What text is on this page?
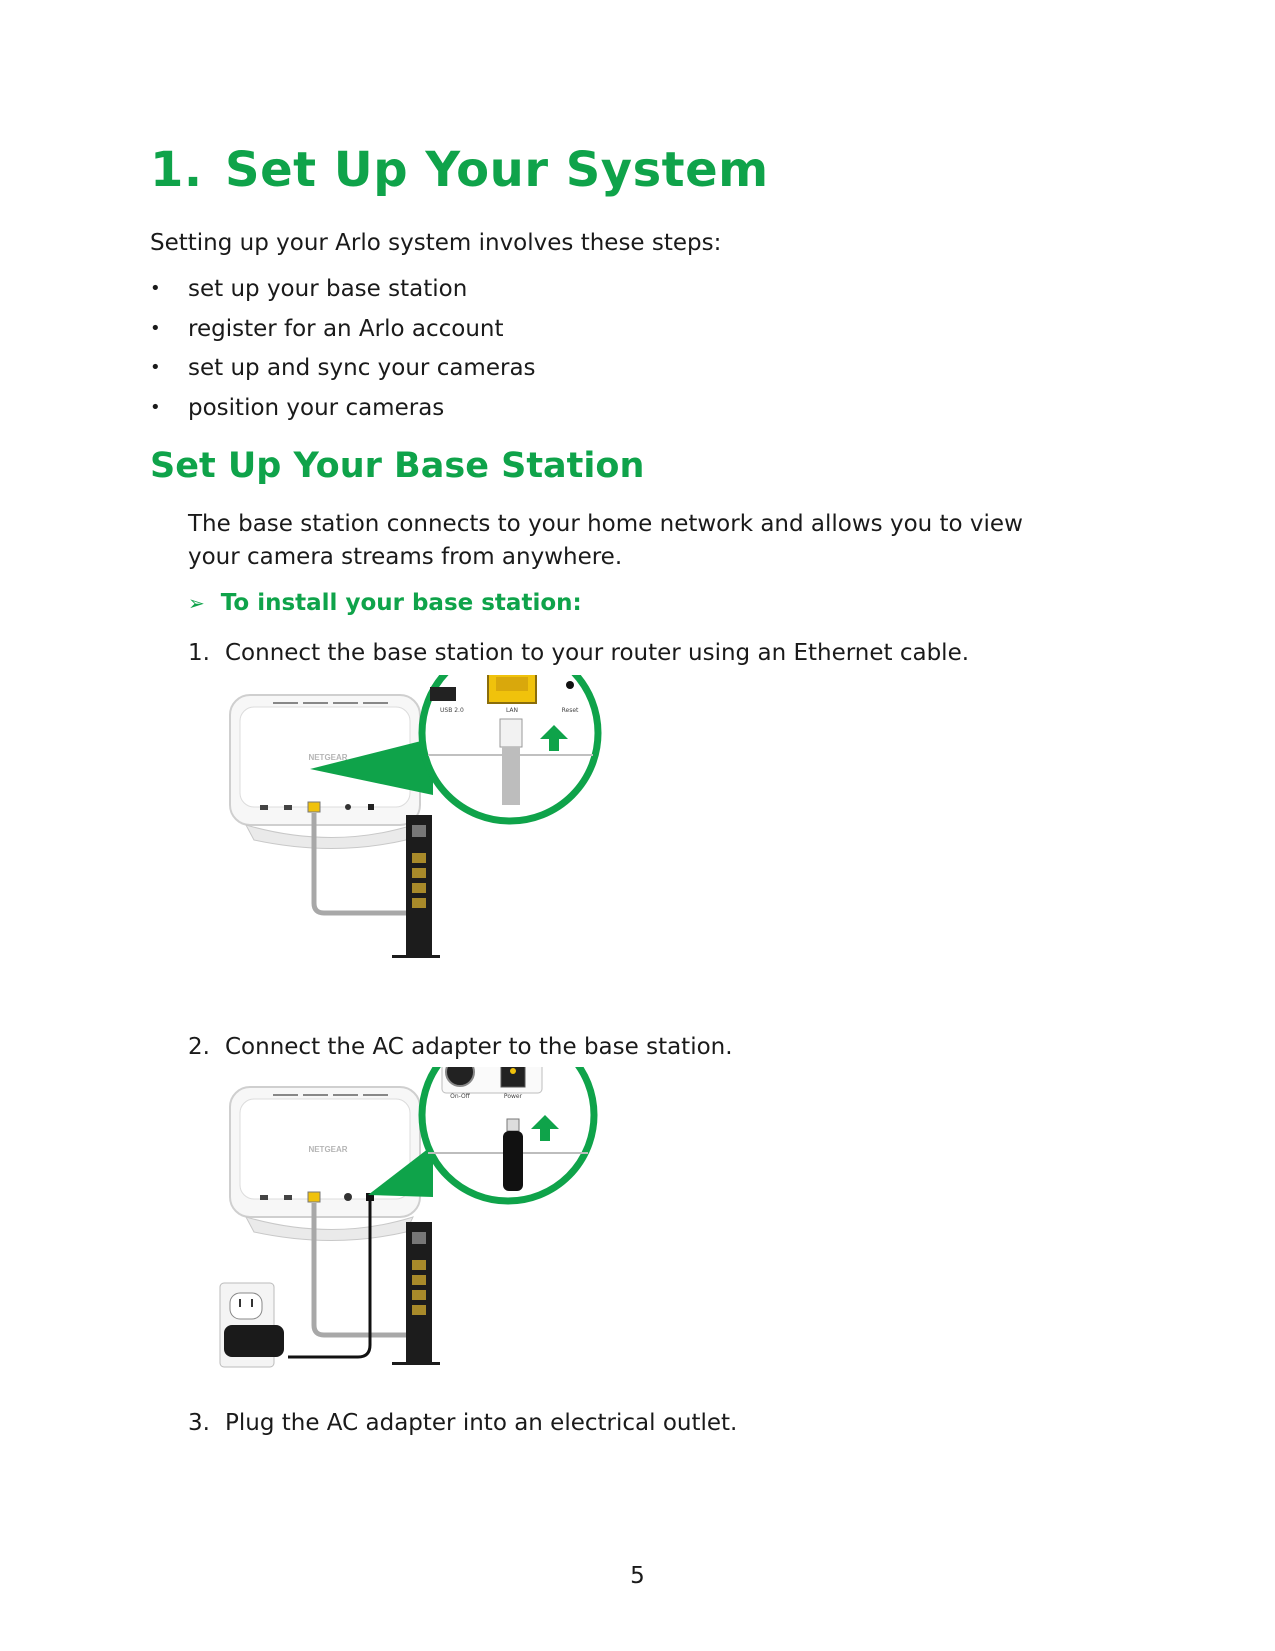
1. Set Up Your System
Setting up your Arlo system involves these steps:
• set up your base station
• register for an Arlo account
• set up and sync your cameras
• position your cameras
Set Up Your Base Station
The base station connects to your home network and allows you to view your camera streams from anywhere.
➢ To install your base station:
1. Connect the base station to your router using an Ethernet cable.
NETGEAR
USB 2.0	LAN	Reset
2. Connect the AC adapter to the base station.
NETGEAR
On-Off	Power
3. Plug the AC adapter into an electrical outlet.
5
